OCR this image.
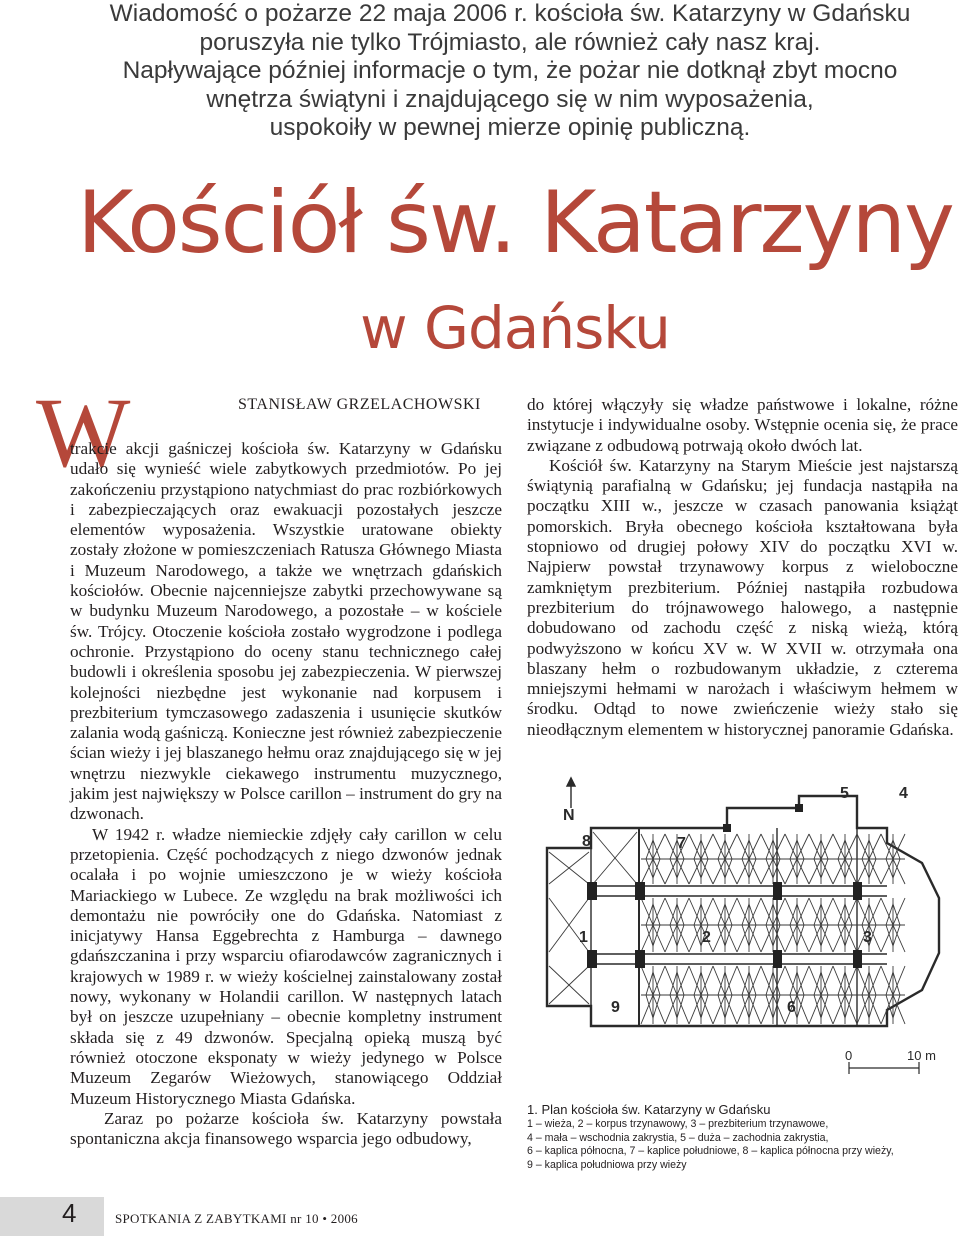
Wiadomość o pożarze 22 maja 2006 r. kościoła św. Katarzyny w Gdańsku
poruszyła nie tylko Trójmiasto, ale również cały nasz kraj.
Napływające później informacje o tym, że pożar nie dotknął zbyt mocno
wnętrza świątyni i znajdującego się w nim wyposażenia,
uspokoiły w pewnej mierze opinię publiczną.
Kościół św. Katarzyny
w Gdańsku
W	STANISŁAW GRZELACHOWSKI

trakcie akcji gaśniczej kościoła św. Katarzyny w Gdańsku udało się wynieść wiele zabytkowych przedmiotów. Po jej zakończeniu przystąpiono natychmiast do prac rozbiórkowych i zabezpieczających oraz ewakuacji pozostałych jeszcze elementów wyposażenia. Wszystkie uratowane obiekty zostały złożone w pomieszczeniach Ratusza Głównego Miasta i Muzeum Narodowego, a także we wnętrzach gdańskich kościołów. Obecnie najcenniejsze zabytki przechowywane są w budynku Muzeum Narodowego, a pozostałe – w kościele św. Trójcy. Otoczenie kościoła zostało wygrodzone i podlega ochronie. Przystąpiono do oceny stanu technicznego całej budowli i określenia sposobu jej zabezpieczenia. W pierwszej kolejności niezbędne jest wykonanie nad korpusem i prezbiterium tymczasowego zadaszenia i usunięcie skutków zalania wodą gaśniczą. Konieczne jest również zabezpieczenie ścian wieży i jej blaszanego hełmu oraz znajdującego się w jej wnętrzu niezwykle ciekawego instrumentu muzycznego, jakim jest największy w Polsce carillon – instrument do gry na dzwonach.

W 1942 r. władze niemieckie zdjęły cały carillon w celu przetopienia. Część pochodzących z niego dzwonów jednak ocalała i po wojnie umieszczono je w wieży kościoła Mariackiego w Lubece. Ze względu na brak możliwości ich demontażu nie powróciły one do Gdańska. Natomiast z inicjatywy Hansa Eggebrechta z Hamburga – dawnego gdańszczanina i przy wsparciu ofiarodawców zagranicznych i krajowych w 1989 r. w wieży kościelnej zainstalowany został nowy, wykonany w Holandii carillon. W następnych latach był on jeszcze uzupełniany – obecnie kompletny instrument składa się z 49 dzwonów. Specjalną opieką muszą być również otoczone eksponaty w wieży jedynego w Polsce Muzeum Zegarów Wieżowych, stanowiącego Oddział Muzeum Historycznego Miasta Gdańska.

Zaraz po pożarze kościoła św. Katarzyny powstała spontaniczna akcja finansowego wsparcia jego odbudowy,

do której włączyły się władze państwowe i lokalne, różne instytucje i indywidualne osoby. Wstępnie ocenia się, że prace związane z odbudową potrwają około dwóch lat.

Kościół św. Katarzyny na Starym Mieście jest najstarszą świątynią parafialną w Gdańsku; jej fundacja nastąpiła na początku XIII w., jeszcze w czasach panowania książąt pomorskich. Bryła obecnego kościoła kształtowana była stopniowo od drugiej połowy XIV do początku XVI w. Najpierw powstał trzynawowy korpus z wieloboczne zamkniętym prezbiterium. Później nastąpiła rozbudowa prezbiterium do trójnawowego halowego, a następnie dobudowano od zachodu część z niską wieżą, którą podwyższono w końcu XV w. W XVII w. otrzymała ona blaszany hełm o rozbudowanym układzie, z czterema mniejszymi hełmami w narożach i właściwym hełmem w środku. Odtąd to nowe zwieńczenie wieży stało się nieodłącznym elementem w historycznej panoramie Gdańska.

N
8
5	4
7
1	2	3
9	6
0	10 m
1. Plan kościoła św. Katarzyny w Gdańsku
1 – wieża, 2 – korpus trzynawowy, 3 – prezbiterium trzynawowe,
4 – mała – wschodnia zakrystia, 5 – duża – zachodnia zakrystia,
6 – kaplica północna, 7 – kaplice południowe, 8 – kaplica północna przy wieży,
9 – kaplica południowa przy wieży
4	SPOTKANIA Z ZABYTKAMI nr 10 • 2006
